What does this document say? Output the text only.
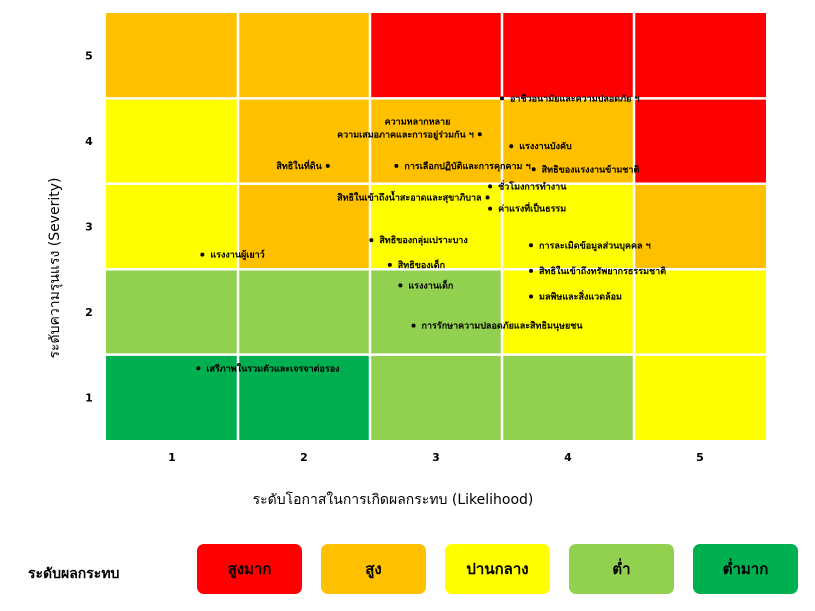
อาชีวอนามัยและความปลอดภัย ฯ
ความหลากหลาย
ความเสมอภาคและการอยู่ร่วมกัน ฯ
แรงงานบังคับ
สิทธิในที่ดิน	การเลือกปฏิบัติและการคุกคาม ฯ สิทธิของแรงงานข้ามชาติ
ชั่วโมงการทำงาน
สิทธิในเข้าถึงน้ำสะอาดและสุขาภิบาล
ค่าแรงที่เป็นธรรม
สิทธิของกลุ่มเปราะบาง
การละเมิดข้อมูลส่วนบุคคล ฯ
แรงงานผู้เยาว์
สิทธิของเด็ก
สิทธิในเข้าถึงทรัพยากรธรรมชาติ
แรงงานเด็ก
มลพิษและสิ่งแวดล้อม
การรักษาความปลอดภัยและสิทธิมนุษยชน
เสรีภาพในรวมตัวและเจรจาต่อรอง
1	2	3	4	5
1
2
3
4
5
ระดับโอกาสในการเกิดผลกระทบ (Likelihood)
ระดับความรุนแรง (Severity)
ระดับผลกระทบ	สูงมาก	สูง	ปานกลาง	ต่ำ	ต่ำมาก
